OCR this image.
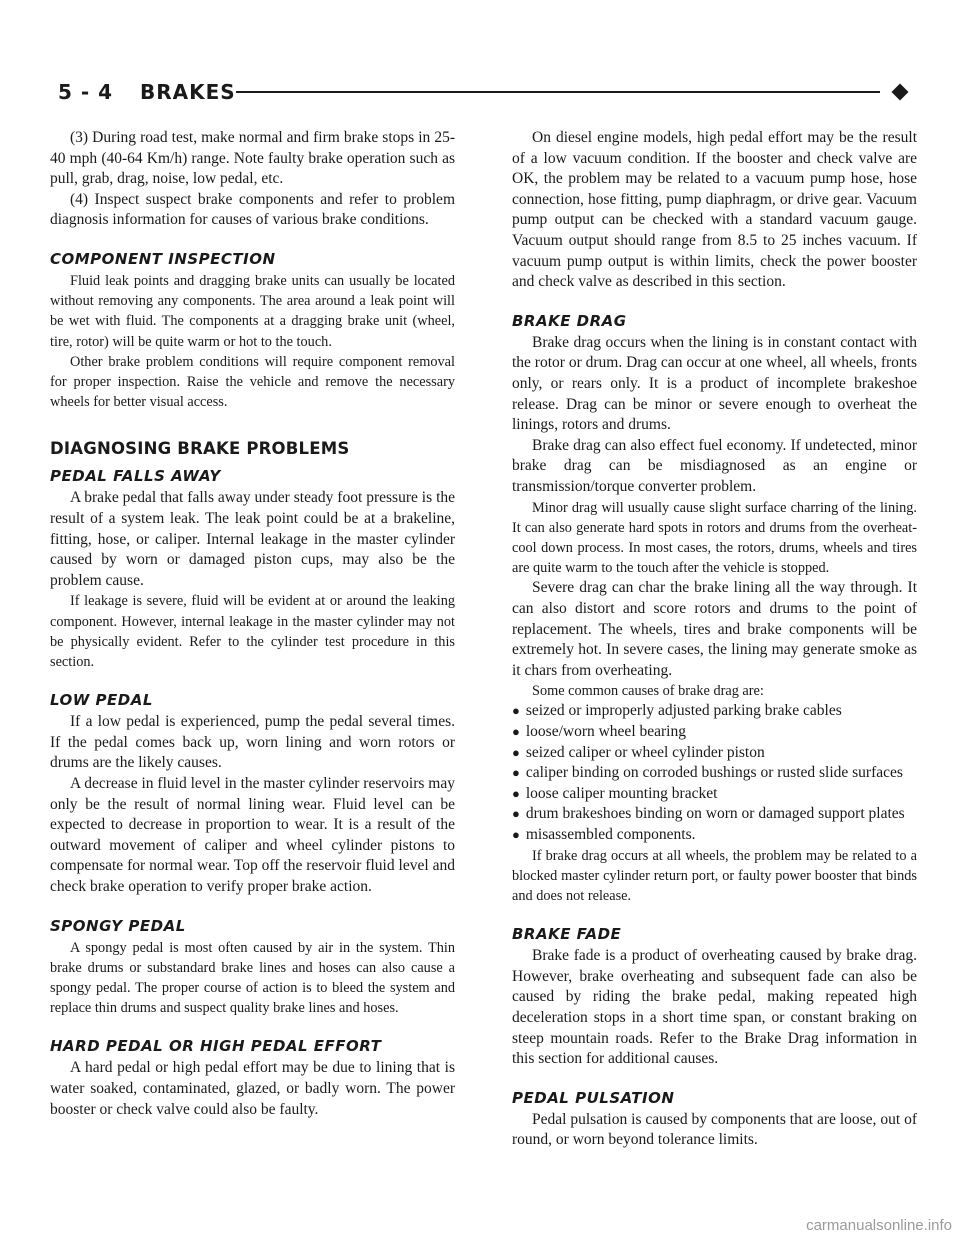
5 - 4 BRAKES

(3) During road test, make normal and firm brake stops in 25-40 mph (40-64 Km/h) range. Note faulty brake operation such as pull, grab, drag, noise, low pedal, etc.

(4) Inspect suspect brake components and refer to problem diagnosis information for causes of various brake conditions.

COMPONENT INSPECTION

Fluid leak points and dragging brake units can usually be located without removing any components. The area around a leak point will be wet with fluid. The components at a dragging brake unit (wheel, tire, rotor) will be quite warm or hot to the touch.

Other brake problem conditions will require component removal for proper inspection. Raise the vehicle and remove the necessary wheels for better visual access.

DIAGNOSING BRAKE PROBLEMS
PEDAL FALLS AWAY

A brake pedal that falls away under steady foot pressure is the result of a system leak. The leak point could be at a brakeline, fitting, hose, or caliper. Internal leakage in the master cylinder caused by worn or damaged piston cups, may also be the problem cause.

If leakage is severe, fluid will be evident at or around the leaking component. However, internal leakage in the master cylinder may not be physically evident. Refer to the cylinder test procedure in this section.

LOW PEDAL

If a low pedal is experienced, pump the pedal several times. If the pedal comes back up, worn lining and worn rotors or drums are the likely causes.

A decrease in fluid level in the master cylinder reservoirs may only be the result of normal lining wear. Fluid level can be expected to decrease in proportion to wear. It is a result of the outward movement of caliper and wheel cylinder pistons to compensate for normal wear. Top off the reservoir fluid level and check brake operation to verify proper brake action.

SPONGY PEDAL

A spongy pedal is most often caused by air in the system. Thin brake drums or substandard brake lines and hoses can also cause a spongy pedal. The proper course of action is to bleed the system and replace thin drums and suspect quality brake lines and hoses.

HARD PEDAL OR HIGH PEDAL EFFORT

A hard pedal or high pedal effort may be due to lining that is water soaked, contaminated, glazed, or badly worn. The power booster or check valve could also be faulty.

On diesel engine models, high pedal effort may be the result of a low vacuum condition. If the booster and check valve are OK, the problem may be related to a vacuum pump hose, hose connection, hose fitting, pump diaphragm, or drive gear. Vacuum pump output can be checked with a standard vacuum gauge. Vacuum output should range from 8.5 to 25 inches vacuum. If vacuum pump output is within limits, check the power booster and check valve as described in this section.

BRAKE DRAG

Brake drag occurs when the lining is in constant contact with the rotor or drum. Drag can occur at one wheel, all wheels, fronts only, or rears only. It is a product of incomplete brakeshoe release. Drag can be minor or severe enough to overheat the linings, rotors and drums.

Brake drag can also effect fuel economy. If undetected, minor brake drag can be misdiagnosed as an engine or transmission/torque converter problem.

Minor drag will usually cause slight surface charring of the lining. It can also generate hard spots in rotors and drums from the overheat-cool down process. In most cases, the rotors, drums, wheels and tires are quite warm to the touch after the vehicle is stopped.

Severe drag can char the brake lining all the way through. It can also distort and score rotors and drums to the point of replacement. The wheels, tires and brake components will be extremely hot. In severe cases, the lining may generate smoke as it chars from overheating.

Some common causes of brake drag are:

● seized or improperly adjusted parking brake cables
● loose/worn wheel bearing
● seized caliper or wheel cylinder piston
● caliper binding on corroded bushings or rusted slide surfaces
● loose caliper mounting bracket
● drum brakeshoes binding on worn or damaged support plates
● misassembled components.

If brake drag occurs at all wheels, the problem may be related to a blocked master cylinder return port, or faulty power booster that binds and does not release.

BRAKE FADE

Brake fade is a product of overheating caused by brake drag. However, brake overheating and subsequent fade can also be caused by riding the brake pedal, making repeated high deceleration stops in a short time span, or constant braking on steep mountain roads. Refer to the Brake Drag information in this section for additional causes.

PEDAL PULSATION

Pedal pulsation is caused by components that are loose, out of round, or worn beyond tolerance limits.

carmanualsonline.info
